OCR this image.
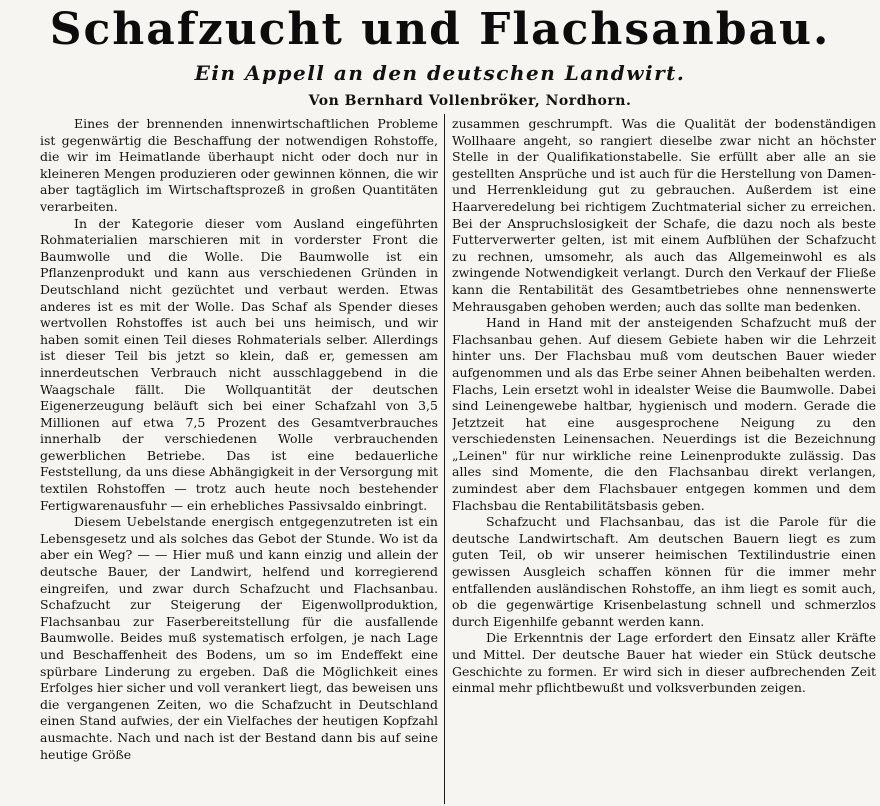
Schafzucht und Flachsanbau.
Ein Appell an den deutschen Landwirt.
Von Bernhard Vollenbröker, Nordhorn.

Eines der brennenden innenwirtschaftlichen Probleme ist gegenwärtig die Beschaffung der notwendigen Rohstoffe, die wir im Heimatlande überhaupt nicht oder doch nur in kleineren Mengen produzieren oder gewinnen können, die wir aber tagtäglich im Wirtschaftsprozeß in großen Quantitäten verarbeiten.

In der Kategorie dieser vom Ausland eingeführten Rohmaterialien marschieren mit in vorderster Front die Baumwolle und die Wolle. Die Baumwolle ist ein Pflanzenprodukt und kann aus verschiedenen Gründen in Deutschland nicht gezüchtet und verbaut werden. Etwas anderes ist es mit der Wolle. Das Schaf als Spender dieses wertvollen Rohstoffes ist auch bei uns heimisch, und wir haben somit einen Teil dieses Rohmaterials selber. Allerdings ist dieser Teil bis jetzt so klein, daß er, gemessen am innerdeutschen Verbrauch nicht ausschlaggebend in die Waagschale fällt. Die Wollquantität der deutschen Eigenerzeugung beläuft sich bei einer Schafzahl von 3,5 Millionen auf etwa 7,5 Prozent des Gesamtverbrauches innerhalb der verschiedenen Wolle verbrauchenden gewerblichen Betriebe. Das ist eine bedauerliche Feststellung, da uns diese Abhängigkeit in der Versorgung mit textilen Rohstoffen — trotz auch heute noch bestehender Fertigwarenausfuhr — ein erhebliches Passivsaldo einbringt.

Diesem Uebelstande energisch entgegenzutreten ist ein Lebensgesetz und als solches das Gebot der Stunde. Wo ist da aber ein Weg? — — Hier muß und kann einzig und allein der deutsche Bauer, der Landwirt, helfend und korregierend eingreifen, und zwar durch Schafzucht und Flachsanbau. Schafzucht zur Steigerung der Eigenwollproduktion, Flachsanbau zur Faserbereitstellung für die ausfallende Baumwolle. Beides muß systematisch erfolgen, je nach Lage und Beschaffenheit des Bodens, um so im Endeffekt eine spürbare Linderung zu ergeben. Daß die Möglichkeit eines Erfolges hier sicher und voll verankert liegt, das beweisen uns die vergangenen Zeiten, wo die Schafzucht in Deutschland einen Stand aufwies, der ein Vielfaches der heutigen Kopfzahl ausmachte. Nach und nach ist der Bestand dann bis auf seine heutige Größe

zusammen geschrumpft. Was die Qualität der bodenständigen Wollhaare angeht, so rangiert dieselbe zwar nicht an höchster Stelle in der Qualifikationstabelle. Sie erfüllt aber alle an sie gestellten Ansprüche und ist auch für die Herstellung von Damen- und Herrenkleidung gut zu gebrauchen. Außerdem ist eine Haarveredelung bei richtigem Zuchtmaterial sicher zu erreichen. Bei der Anspruchslosigkeit der Schafe, die dazu noch als beste Futterverwerter gelten, ist mit einem Aufblühen der Schafzucht zu rechnen, umsomehr, als auch das Allgemeinwohl es als zwingende Notwendigkeit verlangt. Durch den Verkauf der Fließe kann die Rentabilität des Gesamtbetriebes ohne nennenswerte Mehrausgaben gehoben werden; auch das sollte man bedenken.

Hand in Hand mit der ansteigenden Schafzucht muß der Flachsanbau gehen. Auf diesem Gebiete haben wir die Lehrzeit hinter uns. Der Flachsbau muß vom deutschen Bauer wieder aufgenommen und als das Erbe seiner Ahnen beibehalten werden. Flachs, Lein ersetzt wohl in idealster Weise die Baumwolle. Dabei sind Leinengewebe haltbar, hygienisch und modern. Gerade die Jetztzeit hat eine ausgesprochene Neigung zu den verschiedensten Leinensachen. Neuerdings ist die Bezeichnung „Leinen" für nur wirkliche reine Leinenprodukte zulässig. Das alles sind Momente, die den Flachsanbau direkt verlangen, zumindest aber dem Flachsbauer entgegen kommen und dem Flachsbau die Rentabilitätsbasis geben.

Schafzucht und Flachsanbau, das ist die Parole für die deutsche Landwirtschaft. Am deutschen Bauern liegt es zum guten Teil, ob wir unserer heimischen Textilindustrie einen gewissen Ausgleich schaffen können für die immer mehr entfallenden ausländischen Rohstoffe, an ihm liegt es somit auch, ob die gegenwärtige Krisenbelastung schnell und schmerzlos durch Eigenhilfe gebannt werden kann.

Die Erkenntnis der Lage erfordert den Einsatz aller Kräfte und Mittel. Der deutsche Bauer hat wieder ein Stück deutsche Geschichte zu formen. Er wird sich in dieser aufbrechenden Zeit einmal mehr pflichtbewußt und volksverbunden zeigen.
